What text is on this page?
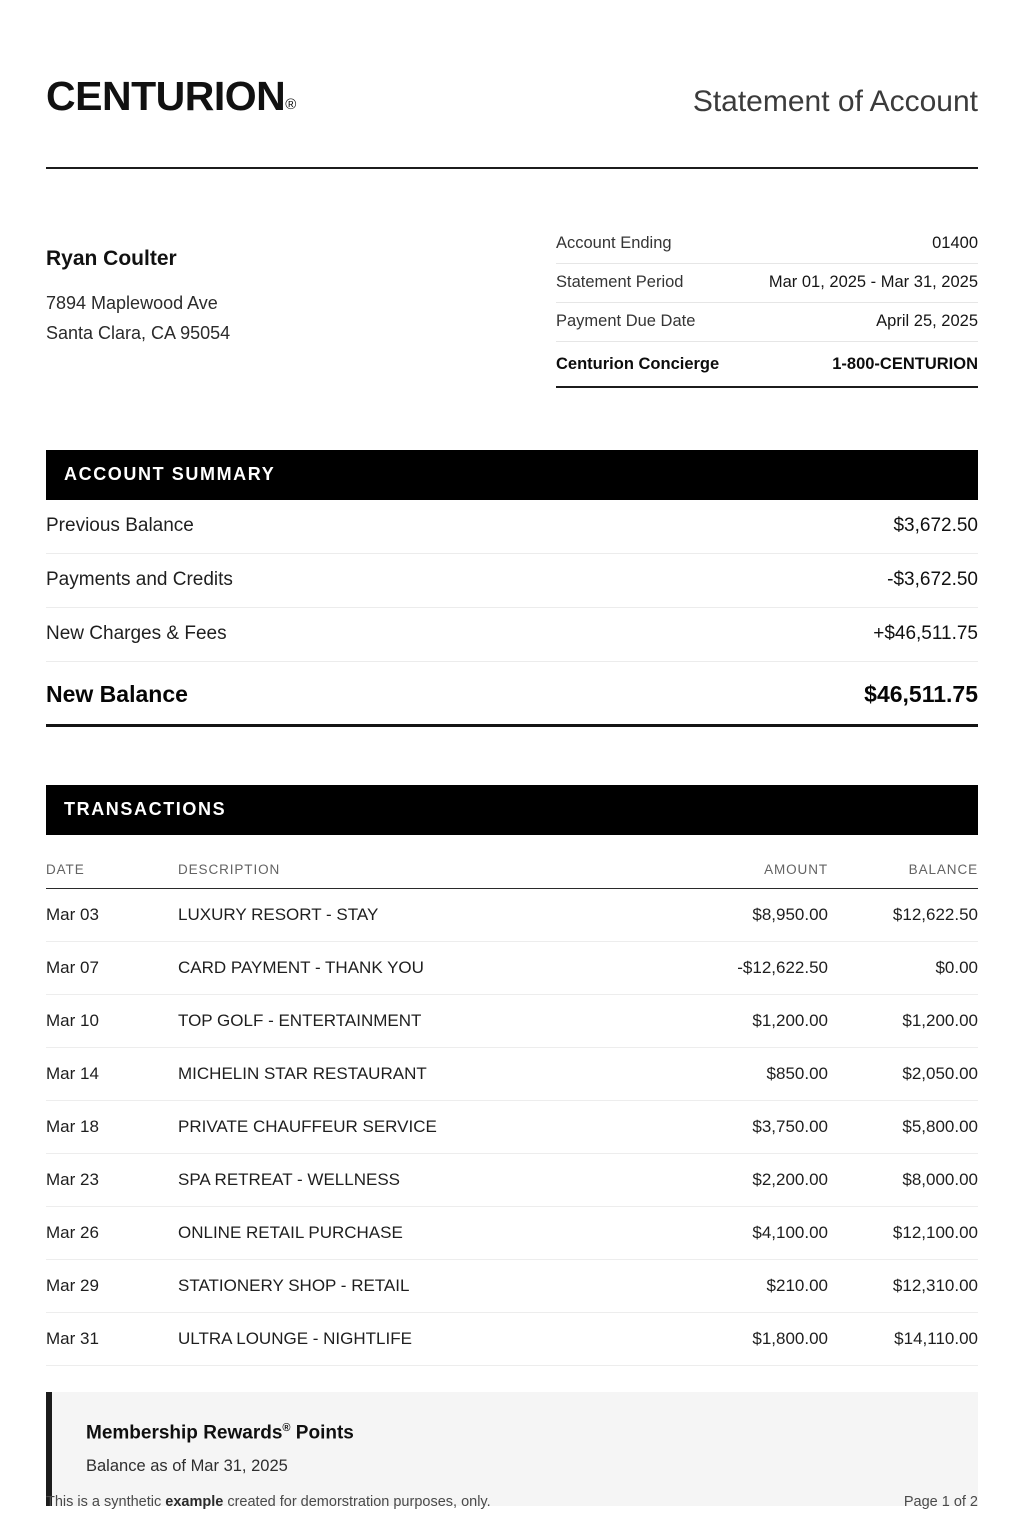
CENTURION®	Statement of Account
Ryan Coulter
7894 Maplewood Ave
Santa Clara, CA 95054
Account Ending	01400
Statement Period	Mar 01, 2025 - Mar 31, 2025
Payment Due Date	April 25, 2025
Centurion Concierge	1-800-CENTURION
ACCOUNT SUMMARY
Previous Balance	$3,672.50
Payments and Credits	-$3,672.50
New Charges & Fees	+$46,511.75
New Balance	$46,511.75
TRANSACTIONS
DATE	DESCRIPTION	AMOUNT	BALANCE
Mar 03	LUXURY RESORT - STAY	$8,950.00	$12,622.50
Mar 07	CARD PAYMENT - THANK YOU	-$12,622.50	$0.00
Mar 10	TOP GOLF - ENTERTAINMENT	$1,200.00	$1,200.00
Mar 14	MICHELIN STAR RESTAURANT	$850.00	$2,050.00
Mar 18	PRIVATE CHAUFFEUR SERVICE	$3,750.00	$5,800.00
Mar 23	SPA RETREAT - WELLNESS	$2,200.00	$8,000.00
Mar 26	ONLINE RETAIL PURCHASE	$4,100.00	$12,100.00
Mar 29	STATIONERY SHOP - RETAIL	$210.00	$12,310.00
Mar 31	ULTRA LOUNGE - NIGHTLIFE	$1,800.00	$14,110.00
Membership Rewards® Points
Balance as of Mar 31, 2025
This is a synthetic example created for demorstration purposes, only.	Page 1 of 2
